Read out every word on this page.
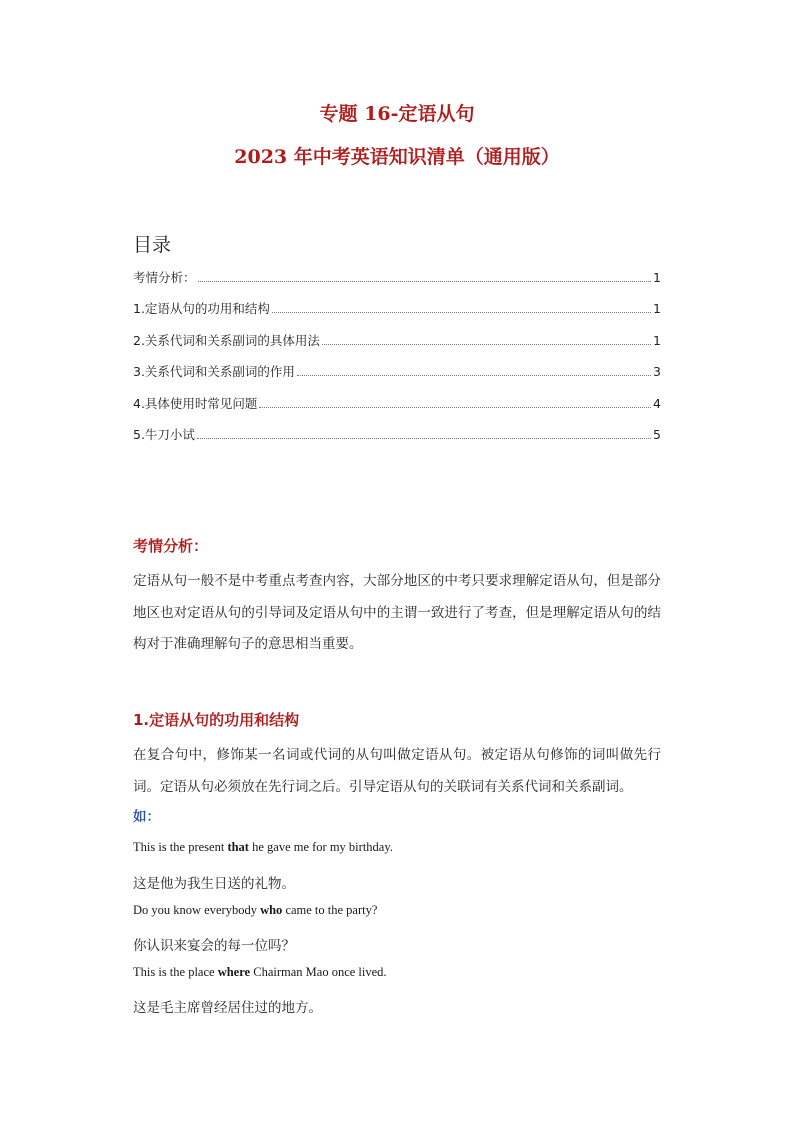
专题 16-定语从句
2023 年中考英语知识清单（通用版）
目录
考情分析：	1
1.定语从句的功用和结构	1
2.关系代词和关系副词的具体用法	1
3.关系代词和关系副词的作用	3
4.具体使用时常见问题	4
5.牛刀小试	5
考情分析：

定语从句一般不是中考重点考查内容，大部分地区的中考只要求理解定语从句，但是部分地区也对定语从句的引导词及定语从句中的主谓一致进行了考查，但是理解定语从句的结构对于准确理解句子的意思相当重要。

1.定语从句的功用和结构

在复合句中，修饰某一名词或代词的从句叫做定语从句。被定语从句修饰的词叫做先行词。定语从句必须放在先行词之后。引导定语从句的关联词有关系代词和关系副词。

如：

This is the present that he gave me for my birthday.

这是他为我生日送的礼物。

Do you know everybody who came to the party?

你认识来宴会的每一位吗？

This is the place where Chairman Mao once lived.

这是毛主席曾经居住过的地方。
